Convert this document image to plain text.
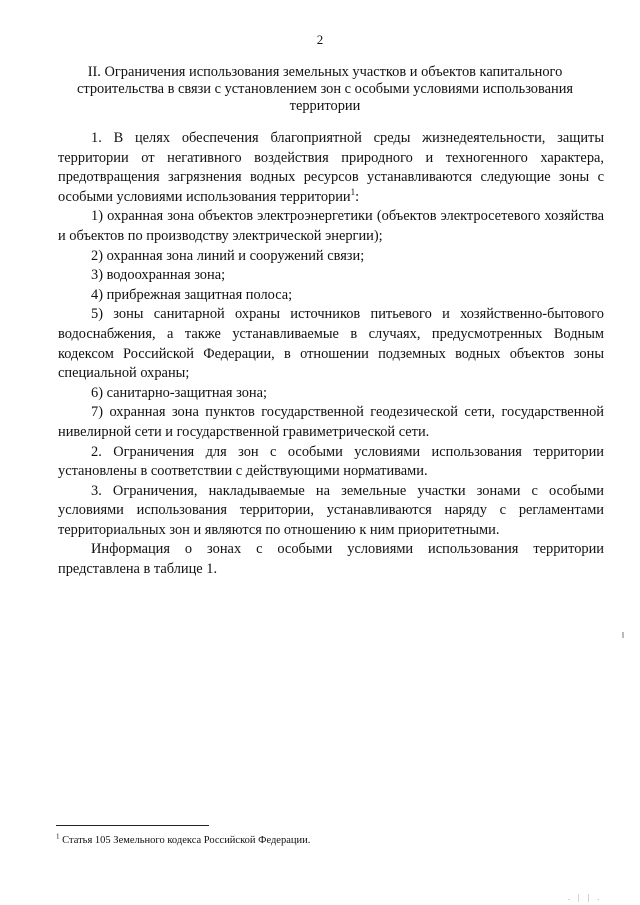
2
II. Ограничения использования земельных участков и объектов капитального строительства в связи с установлением зон с особыми условиями использования территории

1. В целях обеспечения благоприятной среды жизнедеятельности, защиты территории от негативного воздействия природного и техногенного характера, предотвращения загрязнения водных ресурсов устанавливаются следующие зоны с особыми условиями использования территории$^1$:

1) охранная зона объектов электроэнергетики (объектов электросетевого хозяйства и объектов по производству электрической энергии);

2) охранная зона линий и сооружений связи;

3) водоохранная зона;

4) прибрежная защитная полоса;

5) зоны санитарной охраны источников питьевого и хозяйственно-бытового водоснабжения, а также устанавливаемые в случаях, предусмотренных Водным кодексом Российской Федерации, в отношении подземных водных объектов зоны специальной охраны;

6) санитарно-защитная зона;

7) охранная зона пунктов государственной геодезической сети, государственной нивелирной сети и государственной гравиметрической сети.

2. Ограничения для зон с особыми условиями использования территории установлены в соответствии с действующими нормативами.

3. Ограничения, накладываемые на земельные участки зонами с особыми условиями использования территории, устанавливаются наряду с регламентами территориальных зон и являются по отношению к ним приоритетными.

Информация о зонах с особыми условиями использования территории представлена в таблице 1.

$^1$ Статья 105 Земельного кодекса Российской Федерации.
. | | .
